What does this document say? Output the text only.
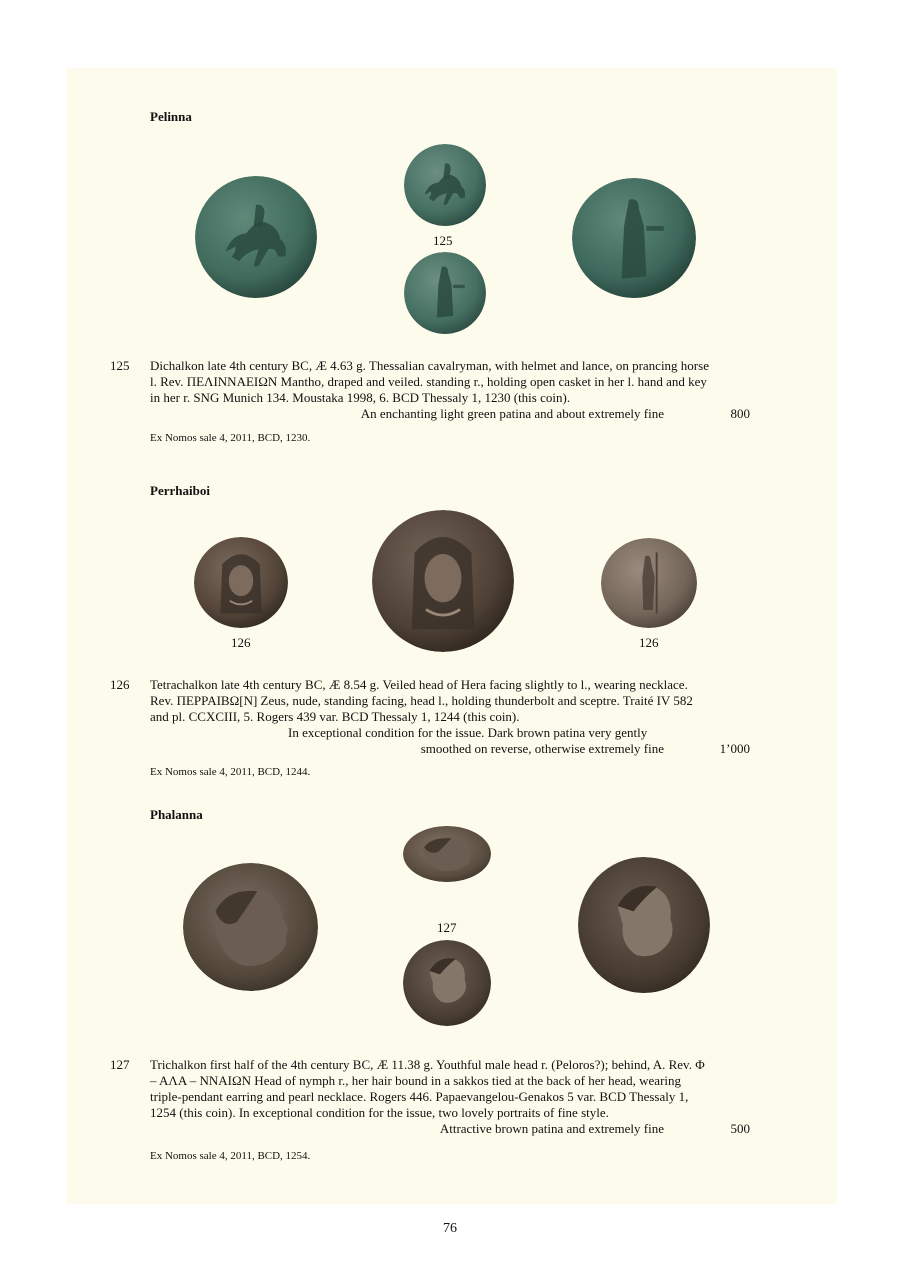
Pelinna
125
125 Dichalkon late 4th century BC, Æ 4.63 g. Thessalian cavalryman, with helmet and lance, on prancing horse

l. Rev. ΠΕΛΙΝΝΑΕΙΩΝ Mantho, draped and veiled. standing r., holding open casket in her l. hand and key

in her r. SNG Munich 134. Moustaka 1998, 6. BCD Thessaly 1, 1230 (this coin).

An enchanting light green patina and about extremely fine	800
Ex Nomos sale 4, 2011, BCD, 1230.
Perrhaiboi
126	126
126 Tetrachalkon late 4th century BC, Æ 8.54 g. Veiled head of Hera facing slightly to l., wearing necklace.

Rev. ΠΕΡΡΑΙΒΩ[Ν] Zeus, nude, standing facing, head l., holding thunderbolt and sceptre. Traité IV 582

and pl. CCXCIII, 5. Rogers 439 var. BCD Thessaly 1, 1244 (this coin).

In exceptional condition for the issue. Dark brown patina very gently
smoothed on reverse, otherwise extremely fine	1’000
Ex Nomos sale 4, 2011, BCD, 1244.
Phalanna
127
127 Trichalkon first half of the 4th century BC, Æ 11.38 g. Youthful male head r. (Peloros?); behind, A. Rev. Φ

– ΑΛΑ – ΝΝΑΙΩΝ Head of nymph r., her hair bound in a sakkos tied at the back of her head, wearing

triple-pendant earring and pearl necklace. Rogers 446. Papaevangelou-Genakos 5 var. BCD Thessaly 1,

1254 (this coin). In exceptional condition for the issue, two lovely portraits of fine style.

Attractive brown patina and extremely fine	500
Ex Nomos sale 4, 2011, BCD, 1254.
76
